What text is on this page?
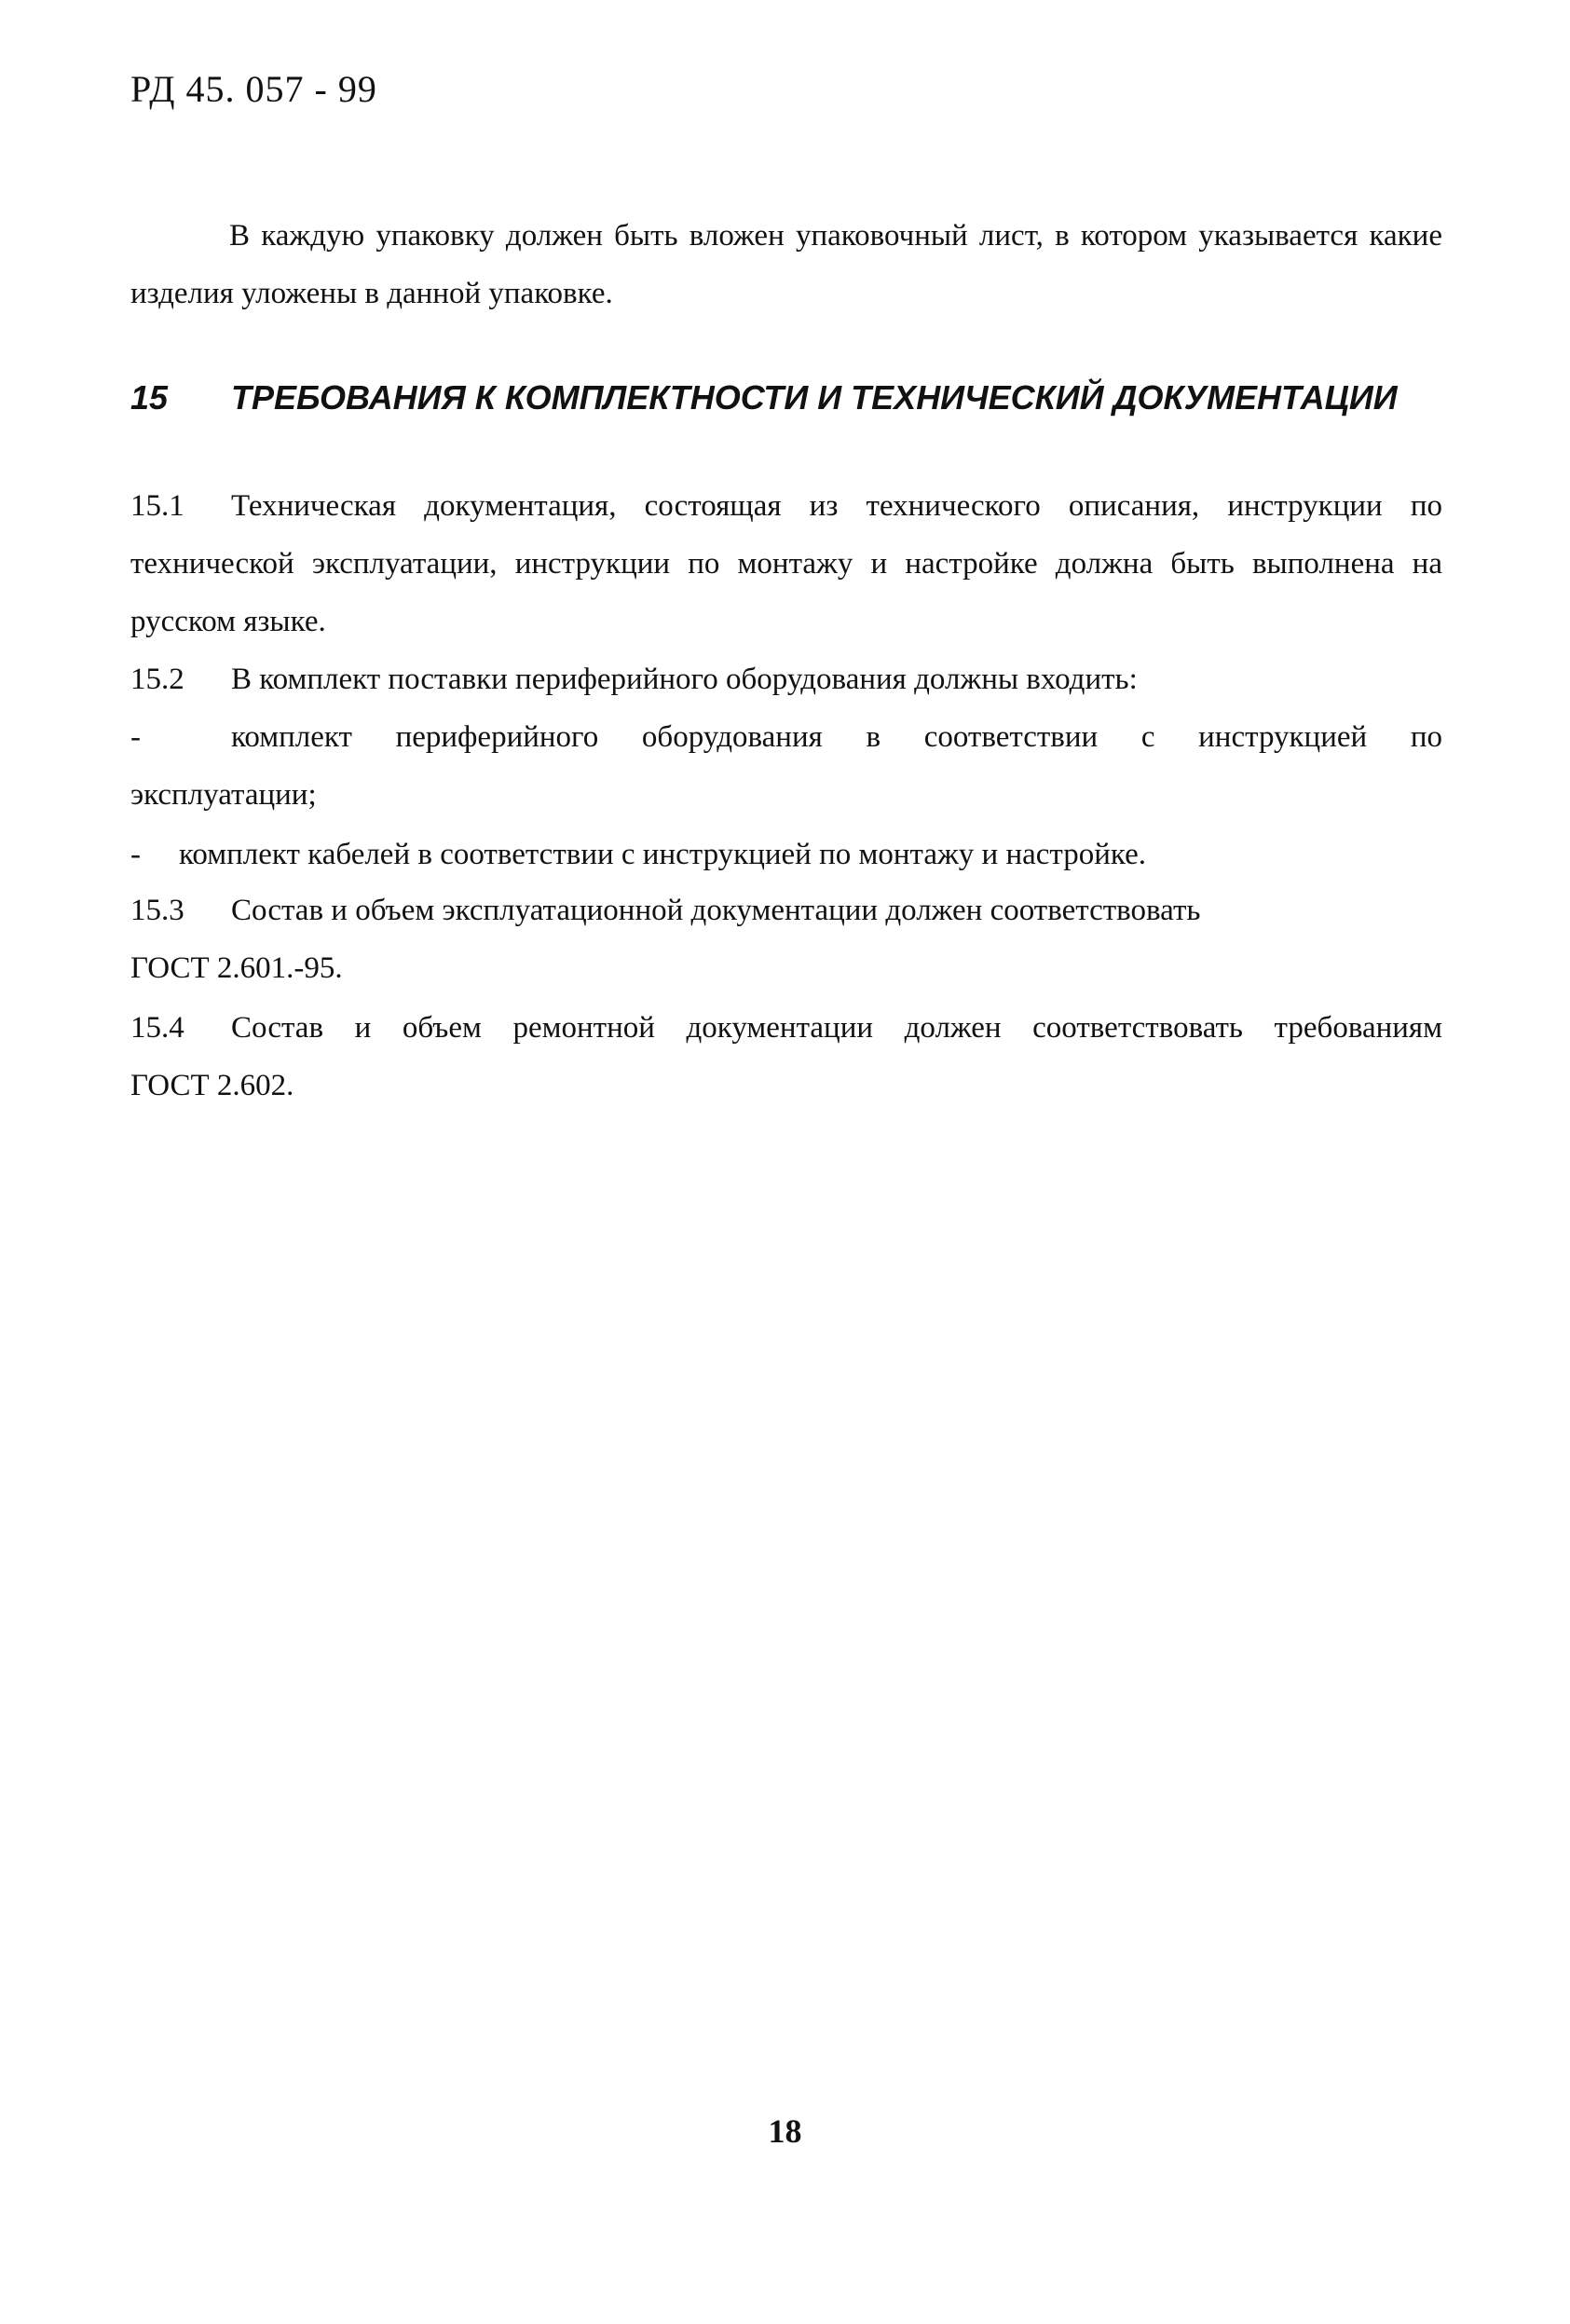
РД 45. 057 - 99
В каждую упаковку должен быть вложен упаковочный лист, в котором указывается какие изделия уложены в данной упаковке.
15 ТРЕБОВАНИЯ К КОМПЛЕКТНОСТИ И ТЕХНИЧЕСКИЙ ДОКУМЕНТАЦИИ
15.1 Техническая документация, состоящая из технического описания, инструкции по
технической эксплуатации, инструкции по монтажу и настройке должна быть выполнена на русском языке.
15.2 В комплект поставки периферийного оборудования должны входить:
-	комплект периферийного оборудования в соответствии с инструкцией по
эксплуатации;
- комплект кабелей в соответствии с инструкцией по монтажу и настройке.
15.3 Состав и объем эксплуатационной документации должен соответствовать
ГОСТ 2.601.-95.
15.4 Состав и объем ремонтной документации должен соответствовать требованиям
ГОСТ 2.602.
18
